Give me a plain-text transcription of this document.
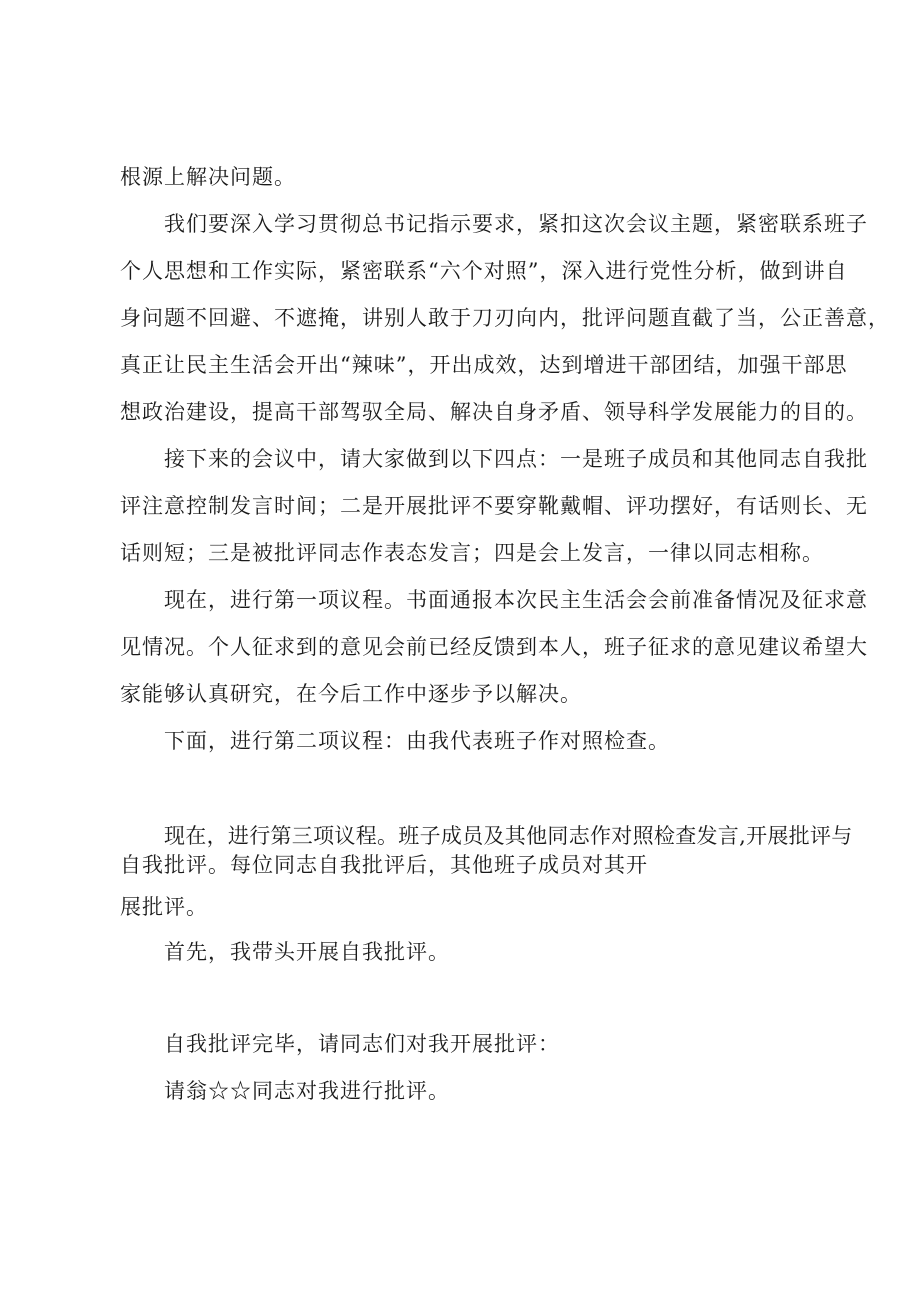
根源上解决问题。

我们要深入学习贯彻总书记指示要求，紧扣这次会议主题，紧密联系班子

个人思想和工作实际，紧密联系“六个对照”，深入进行党性分析，做到讲自

身问题不回避、不遮掩，讲别人敢于刀刃向内，批评问题直截了当，公正善意，

真正让民主生活会开出“辣味”，开出成效，达到增进干部团结，加强干部思

想政治建设，提高干部驾驭全局、解决自身矛盾、领导科学发展能力的目的。

接下来的会议中，请大家做到以下四点：一是班子成员和其他同志自我批

评注意控制发言时间；二是开展批评不要穿靴戴帽、评功摆好，有话则长、无

话则短；三是被批评同志作表态发言；四是会上发言，一律以同志相称。

现在，进行第一项议程。书面通报本次民主生活会会前准备情况及征求意

见情况。个人征求到的意见会前已经反馈到本人，班子征求的意见建议希望大

家能够认真研究，在今后工作中逐步予以解决。

下面，进行第二项议程：由我代表班子作对照检查。

现在，进行第三项议程。班子成员及其他同志作对照检查发言,开展批评与

自我批评。每位同志自我批评后，其他班子成员对其开

展批评。

首先，我带头开展自我批评。

自我批评完毕，请同志们对我开展批评：

请翁☆☆同志对我进行批评。
